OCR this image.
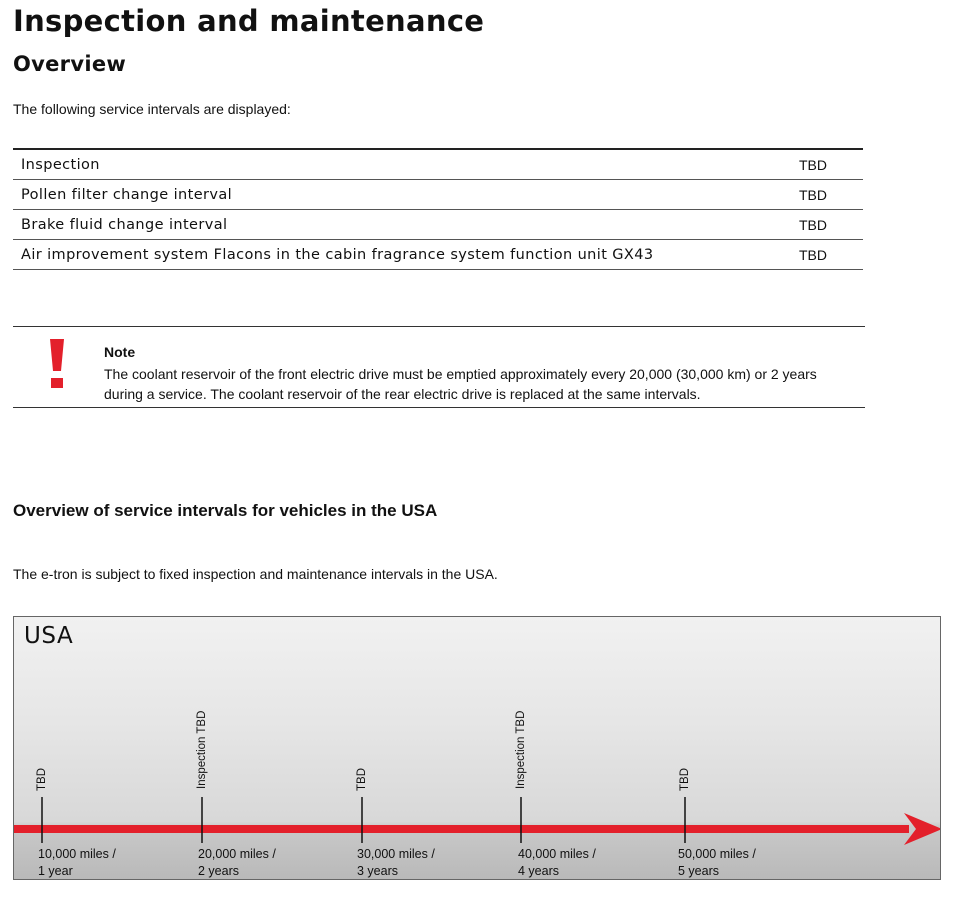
Inspection and maintenance
Overview
The following service intervals are displayed:
Inspection	TBD
Pollen filter change interval	TBD
Brake fluid change interval	TBD
Air improvement system Flacons in the cabin fragrance system function unit GX43	TBD
Note
The coolant reservoir of the front electric drive must be emptied approximately every 20,000 (30,000 km) or 2 years during a service. The coolant reservoir of the rear electric drive is replaced at the same intervals.
Overview of service intervals for vehicles in the USA
The e-tron is subject to fixed inspection and maintenance intervals in the USA.
USA
TBD	Inspection TBD	TBD	Inspection TBD	TBD
10,000 miles /
1 year
20,000 miles /
2 years
30,000 miles /
3 years
40,000 miles /
4 years
50,000 miles /
5 years
